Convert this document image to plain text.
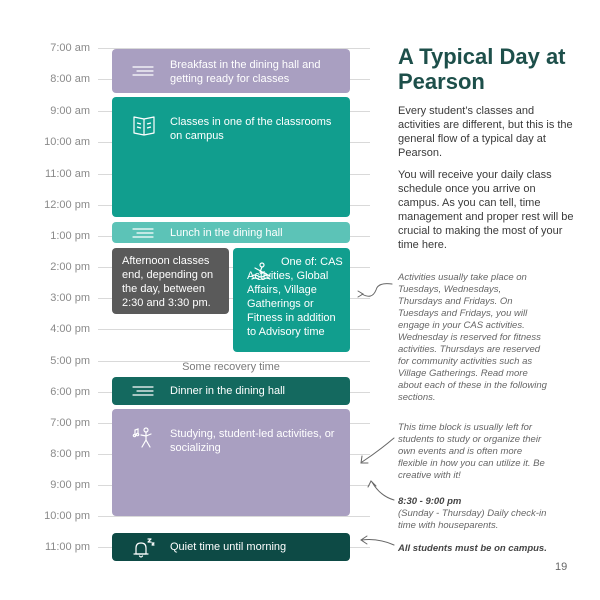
7:00 am
8:00 am
9:00 am
10:00 am
11:00 am
12:00 pm
1:00 pm
2:00 pm
3:00 pm
4:00 pm
5:00 pm
6:00 pm
7:00 pm
8:00 pm
9:00 pm
10:00 pm
11:00 pm
Breakfast in the dining hall and getting ready for classes
Classes in one of the classrooms on campus
Lunch in the dining hall
Afternoon classes end, depending on the day, between 2:30 and 3:30 pm.
One of: CAS Activities, Global Affairs, Village Gatherings or Fitness in addition to Advisory time
Some recovery time
Dinner in the dining hall
Studying, student-led activities, or socializing
Quiet time until morning
A Typical Day at Pearson
Every student’s classes and activities are different, but this is the general flow of a typical day at Pearson.
You will receive your daily class schedule once you arrive on campus. As you can tell, time management and proper rest will be crucial to making the most of your time here.
Activities usually take place on Tuesdays, Wednesdays, Thursdays and Fridays. On Tuesdays and Fridays, you will engage in your CAS activities. Wednesday is reserved for fitness activities. Thursdays are reserved for community activities such as Village Gatherings. Read more about each of these in the following sections.
This time block is usually left for students to study or organize their own events and is often more flexible in how you can utilize it. Be creative with it!
8:30 - 9:00 pm
(Sunday - Thursday) Daily check-in time with houseparents.
All students must be on campus.
19
